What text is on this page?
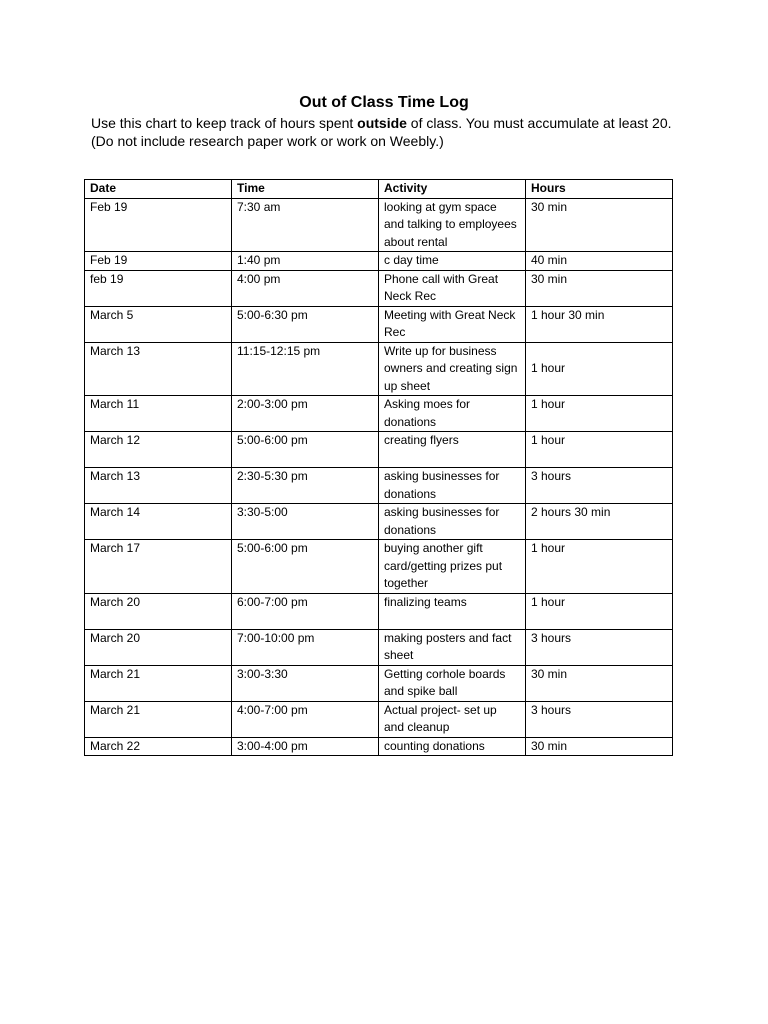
Out of Class Time Log

Use this chart to keep track of hours spent outside of class. You must accumulate at least 20.
(Do not include research paper work or work on Weebly.)

Date	Time	Activity	Hours
Feb 19	7:30 am	looking at gym space and talking to employees about rental	30 min
Feb 19	1:40 pm	c day time	40 min
feb 19	4:00 pm	Phone call with Great Neck Rec	30 min
March 5	5:00-6:30 pm	Meeting with Great Neck Rec	1 hour 30 min
March 13	11:15-12:15 pm	Write up for business owners and creating sign up sheet	1 hour
March 11	2:00-3:00 pm	Asking moes for donations	1 hour
March 12	5:00-6:00 pm	creating flyers	1 hour
March 13	2:30-5:30 pm	asking businesses for donations	3 hours
March 14	3:30-5:00	asking businesses for donations	2 hours 30 min
March 17	5:00-6:00 pm	buying another gift card/getting prizes put together	1 hour
March 20	6:00-7:00 pm	finalizing teams	1 hour
March 20	7:00-10:00 pm	making posters and fact sheet	3 hours
March 21	3:00-3:30	Getting corhole boards and spike ball	30 min
March 21	4:00-7:00 pm	Actual project- set up and cleanup	3 hours
March 22	3:00-4:00 pm	counting donations	30 min
